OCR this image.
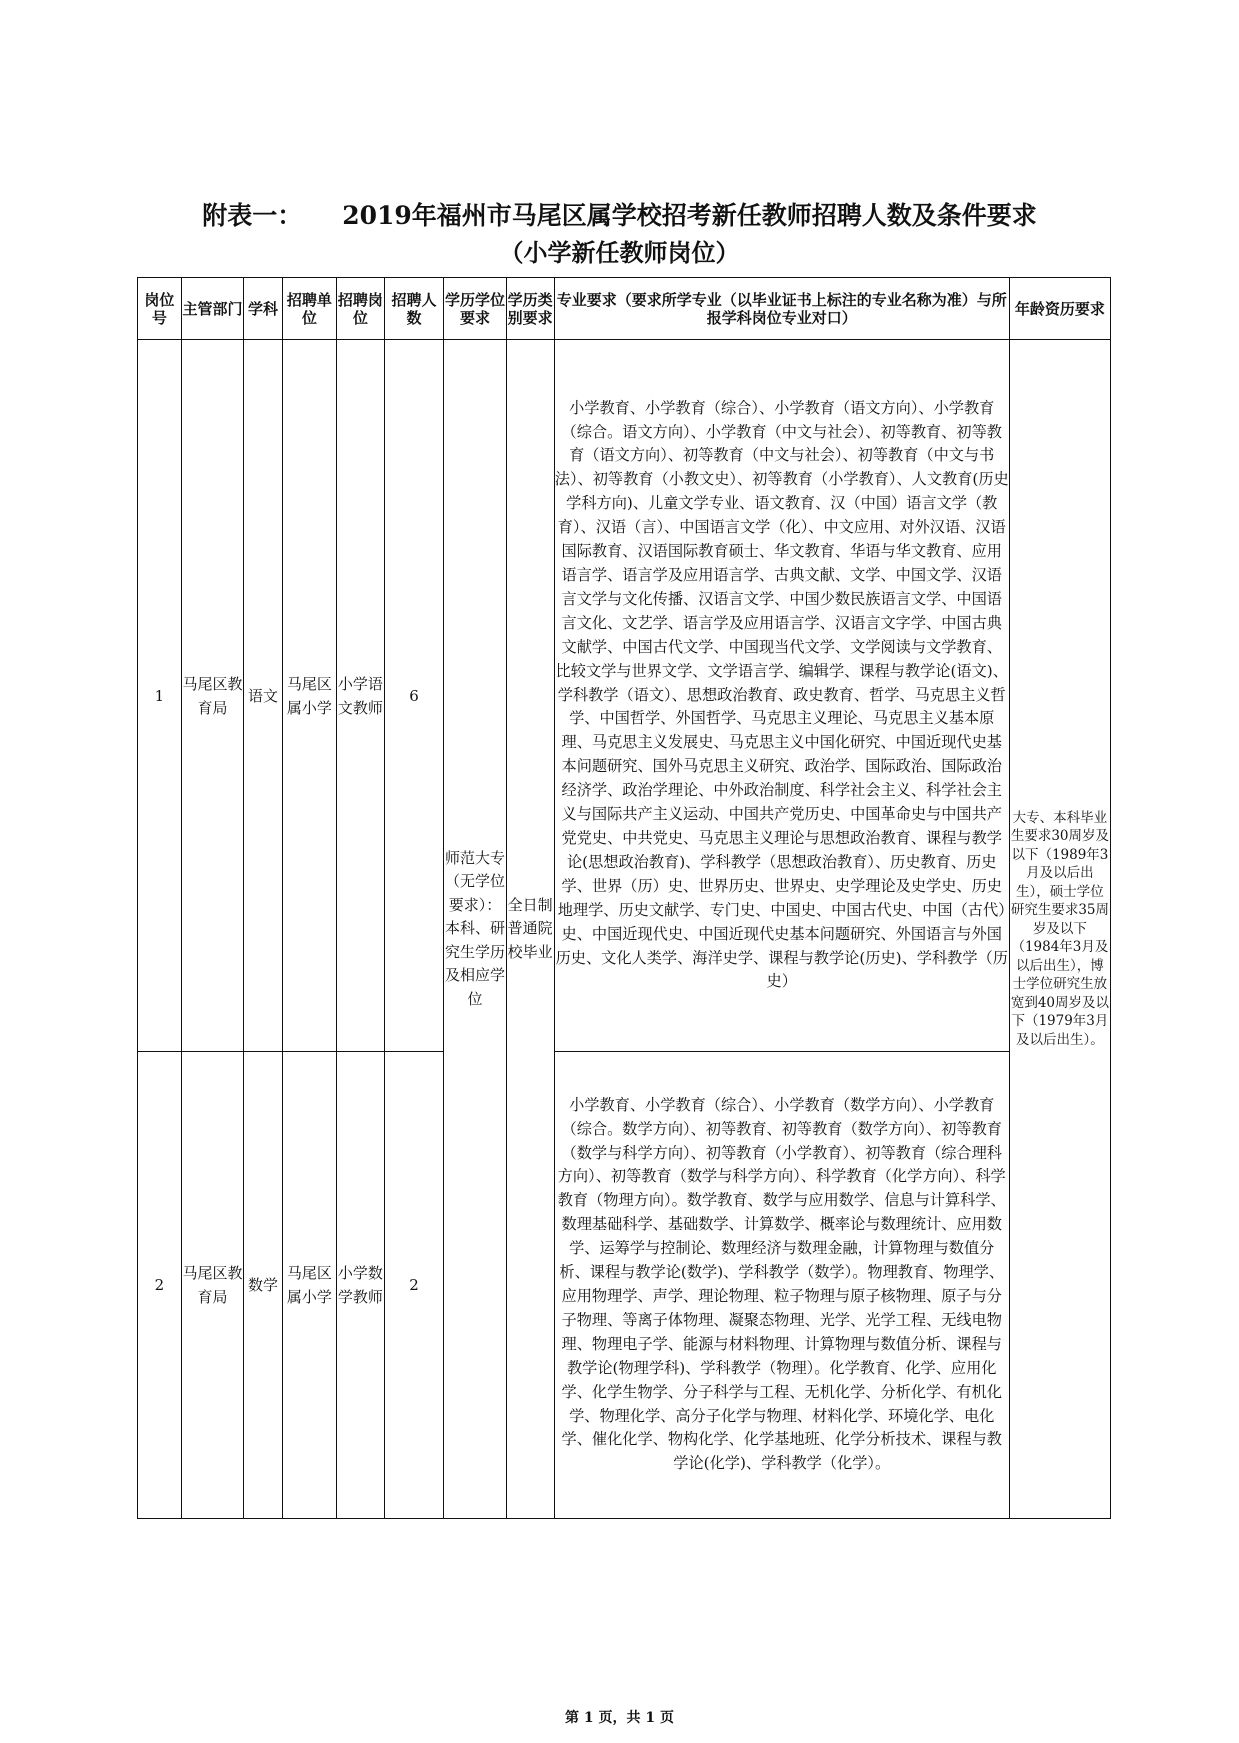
附表一： 2019年福州市马尾区属学校招考新任教师招聘人数及条件要求
（小学新任教师岗位）
岗位号	主管部门	学科	招聘单位	招聘岗位	招聘人数	学历学位要求	学历类别要求	专业要求（要求所学专业（以毕业证书上标注的专业名称为准）与所报学科岗位专业对口）	年龄资历要求
1	马尾区教育局	语文	马尾区属小学	小学语文教师	6	师范大专（无学位要求）：本科、研究生学历及相应学位	全日制普通院校毕业	小学教育、小学教育（综合）、小学教育（语文方向）、小学教育（综合。语文方向）、小学教育（中文与社会）、初等教育、初等教育（语文方向）、初等教育（中文与社会）、初等教育（中文与书法）、初等教育（小教文史）、初等教育（小学教育）、人文教育(历史学科方向)、儿童文学专业、语文教育、汉（中国）语言文学（教育）、汉语（言）、中国语言文学（化）、中文应用、对外汉语、汉语国际教育、汉语国际教育硕士、华文教育、华语与华文教育、应用语言学、语言学及应用语言学、古典文献、文学、中国文学、汉语言文学与文化传播、汉语言文学、中国少数民族语言文学、中国语言文化、文艺学、语言学及应用语言学、汉语言文字学、中国古典文献学、中国古代文学、中国现当代文学、文学阅读与文学教育、比较文学与世界文学、文学语言学、编辑学、课程与教学论(语文)、学科教学（语文）、思想政治教育、政史教育、哲学、马克思主义哲学、中国哲学、外国哲学、马克思主义理论、马克思主义基本原理、马克思主义发展史、马克思主义中国化研究、中国近现代史基本问题研究、国外马克思主义研究、政治学、国际政治、国际政治经济学、政治学理论、中外政治制度、科学社会主义、科学社会主义与国际共产主义运动、中国共产党历史、中国革命史与中国共产党党史、中共党史、马克思主义理论与思想政治教育、课程与教学论(思想政治教育)、学科教学（思想政治教育）、历史教育、历史学、世界（历）史、世界历史、世界史、史学理论及史学史、历史地理学、历史文献学、专门史、中国史、中国古代史、中国（古代）史、中国近现代史、中国近现代史基本问题研究、外国语言与外国历史、文化人类学、海洋史学、课程与教学论(历史)、学科教学（历史）	大专、本科毕业生要求30周岁及以下（1989年3月及以后出生），硕士学位研究生要求35周岁及以下（1984年3月及以后出生），博士学位研究生放宽到40周岁及以下（1979年3月及以后出生）。
2	马尾区教育局	数学	马尾区属小学	小学数学教师	2			小学教育、小学教育（综合）、小学教育（数学方向）、小学教育（综合。数学方向）、初等教育、初等教育（数学方向）、初等教育（数学与科学方向）、初等教育（小学教育）、初等教育（综合理科方向）、初等教育（数学与科学方向）、科学教育（化学方向）、科学教育（物理方向）。数学教育、数学与应用数学、信息与计算科学、数理基础科学、基础数学、计算数学、概率论与数理统计、应用数学、运筹学与控制论、数理经济与数理金融，计算物理与数值分析、课程与教学论(数学)、学科教学（数学）。物理教育、物理学、应用物理学、声学、理论物理、粒子物理与原子核物理、原子与分子物理、等离子体物理、凝聚态物理、光学、光学工程、无线电物理、物理电子学、能源与材料物理、计算物理与数值分析、课程与教学论(物理学科)、学科教学（物理）。化学教育、化学、应用化学、化学生物学、分子科学与工程、无机化学、分析化学、有机化学、物理化学、高分子化学与物理、材料化学、环境化学、电化学、催化化学、物构化学、化学基地班、化学分析技术、课程与教学论(化学)、学科教学（化学）。	
第 1 页，共 1 页
